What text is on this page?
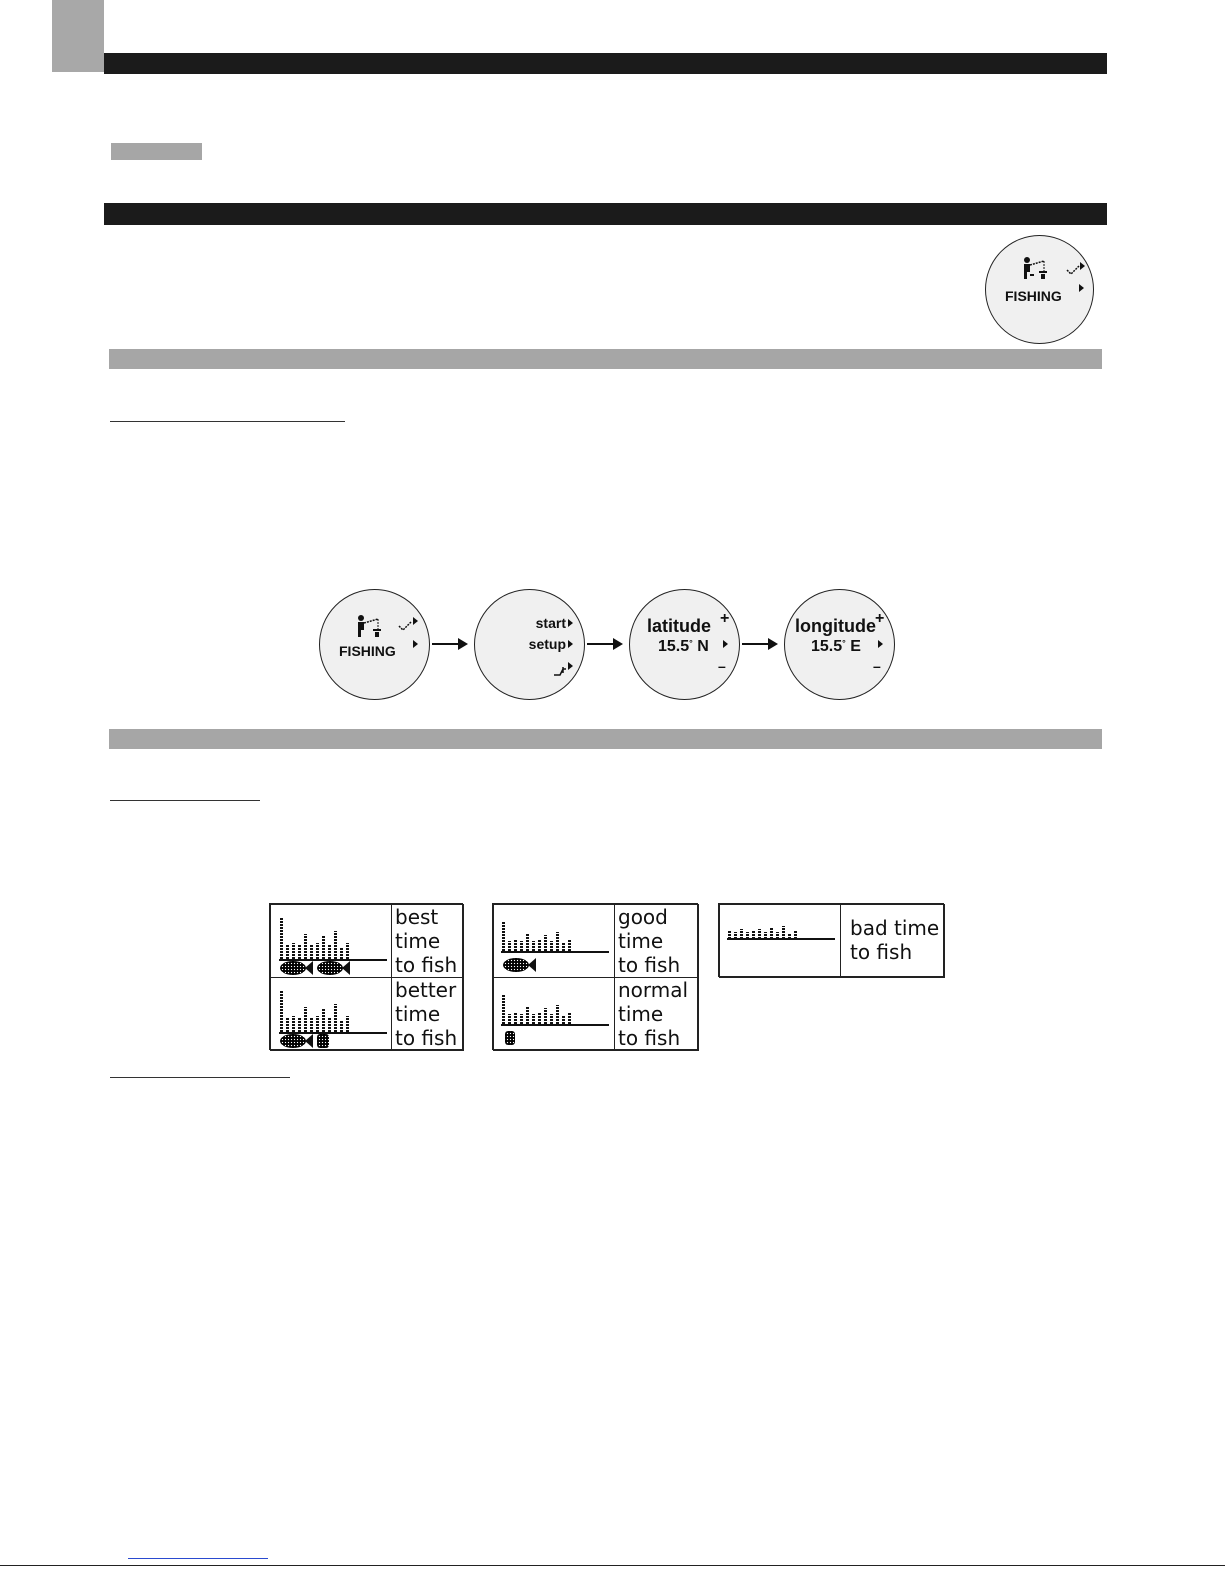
FISHING
FISHING
start
setup
latitude
15.5° N
+
–
longitude
15.5° E
+
–
best
time
to fish
better
time
to fish
good
time
to fish
normal
time
to fish
bad time
to fish
